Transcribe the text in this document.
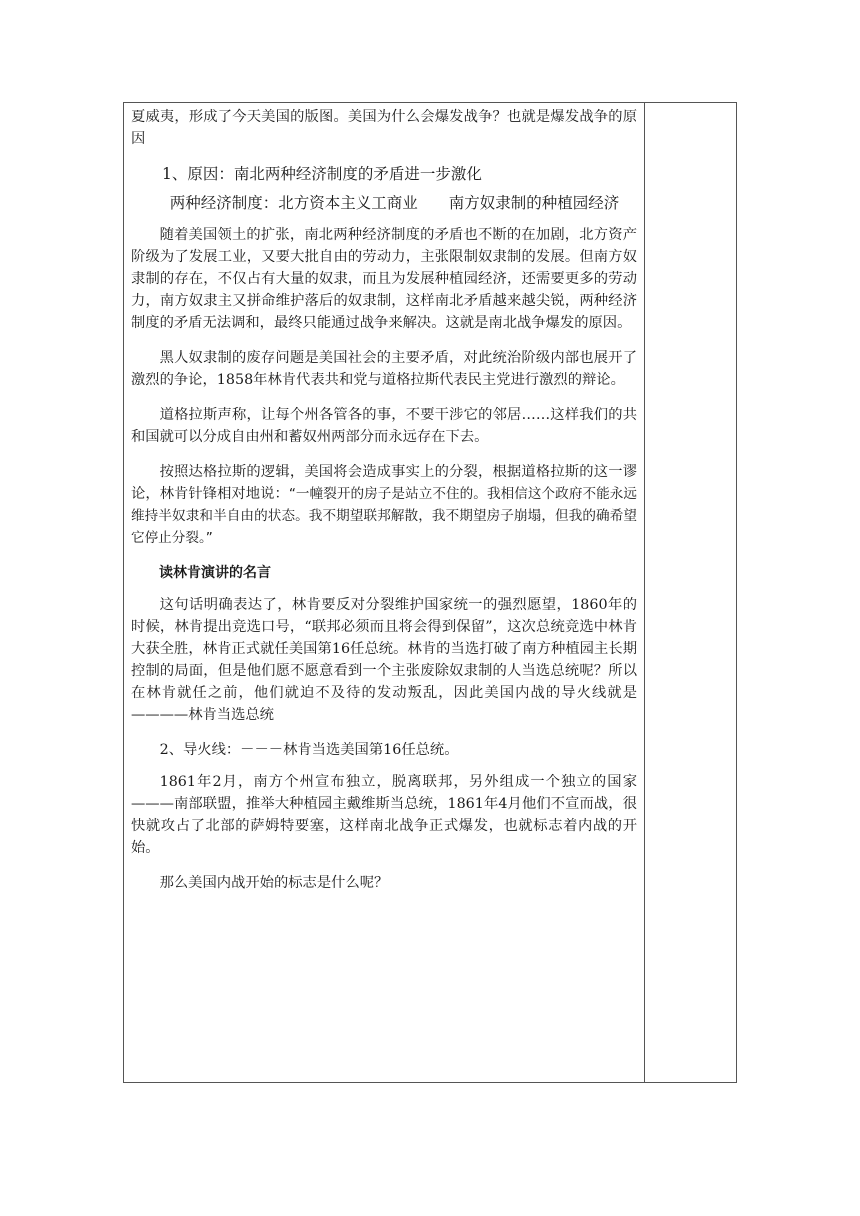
夏威夷，形成了今天美国的版图。美国为什么会爆发战争？也就是爆发战争的原因

1、原因：南北两种经济制度的矛盾进一步激化

两种经济制度：北方资本主义工商业　　南方奴隶制的种植园经济

随着美国领土的扩张，南北两种经济制度的矛盾也不断的在加剧，北方资产阶级为了发展工业，又要大批自由的劳动力，主张限制奴隶制的发展。但南方奴隶制的存在，不仅占有大量的奴隶，而且为发展种植园经济，还需要更多的劳动力，南方奴隶主又拼命维护落后的奴隶制，这样南北矛盾越来越尖锐，两种经济制度的矛盾无法调和，最终只能通过战争来解决。这就是南北战争爆发的原因。

黑人奴隶制的废存问题是美国社会的主要矛盾，对此统治阶级内部也展开了激烈的争论，1858年林肯代表共和党与道格拉斯代表民主党进行激烈的辩论。

道格拉斯声称，让每个州各管各的事，不要干涉它的邻居……这样我们的共和国就可以分成自由州和蓄奴州两部分而永远存在下去。

按照达格拉斯的逻辑，美国将会造成事实上的分裂，根据道格拉斯的这一谬论，林肯针锋相对地说：“一幢裂开的房子是站立不住的。我相信这个政府不能永远维持半奴隶和半自由的状态。我不期望联邦解散，我不期望房子崩塌，但我的确希望它停止分裂。”

读林肯演讲的名言

这句话明确表达了，林肯要反对分裂维护国家统一的强烈愿望，1860年的时候，林肯提出竞选口号，“联邦必须而且将会得到保留”，这次总统竞选中林肯大获全胜，林肯正式就任美国第16任总统。林肯的当选打破了南方种植园主长期控制的局面，但是他们愿不愿意看到一个主张废除奴隶制的人当选总统呢？所以在林肯就任之前，他们就迫不及待的发动叛乱，因此美国内战的导火线就是————林肯当选总统

2、导火线：－－－林肯当选美国第16任总统。

1861年2月，南方个州宣布独立，脱离联邦，另外组成一个独立的国家———南部联盟，推举大种植园主戴维斯当总统，1861年4月他们不宣而战，很快就攻占了北部的萨姆特要塞，这样南北战争正式爆发，也就标志着内战的开始。

那么美国内战开始的标志是什么呢？
